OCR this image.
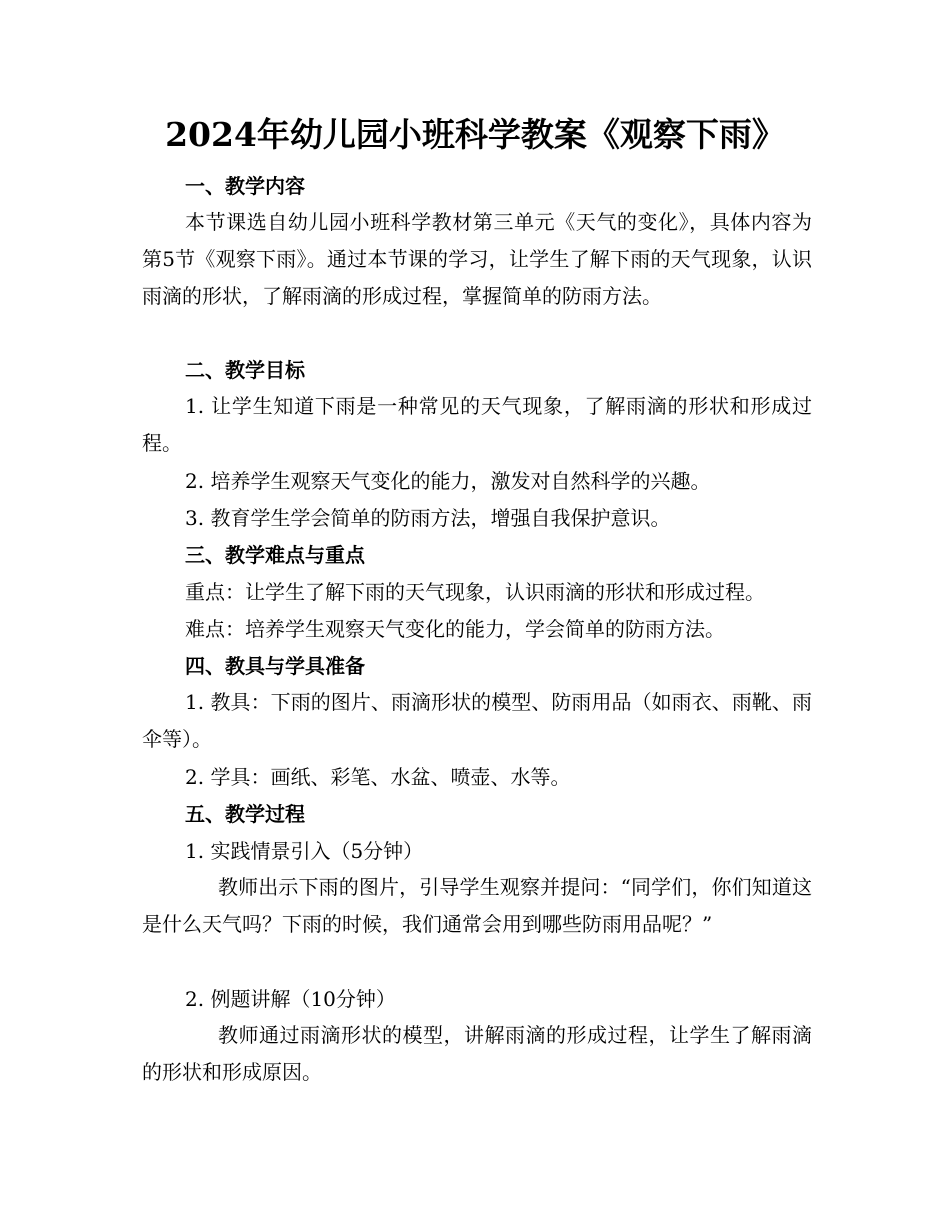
2024年幼儿园小班科学教案《观察下雨》
一、教学内容
本节课选自幼儿园小班科学教材第三单元《天气的变化》，具体内容为第5节《观察下雨》。通过本节课的学习，让学生了解下雨的天气现象，认识雨滴的形状，了解雨滴的形成过程，掌握简单的防雨方法。
二、教学目标
1. 让学生知道下雨是一种常见的天气现象，了解雨滴的形状和形成过程。
2. 培养学生观察天气变化的能力，激发对自然科学的兴趣。
3. 教育学生学会简单的防雨方法，增强自我保护意识。
三、教学难点与重点
重点：让学生了解下雨的天气现象，认识雨滴的形状和形成过程。
难点：培养学生观察天气变化的能力，学会简单的防雨方法。
四、教具与学具准备
1. 教具：下雨的图片、雨滴形状的模型、防雨用品（如雨衣、雨靴、雨伞等）。
2. 学具：画纸、彩笔、水盆、喷壶、水等。
五、教学过程
1. 实践情景引入（5分钟）
教师出示下雨的图片，引导学生观察并提问：“同学们，你们知道这是什么天气吗？下雨的时候，我们通常会用到哪些防雨用品呢？”
2. 例题讲解（10分钟）
教师通过雨滴形状的模型，讲解雨滴的形成过程，让学生了解雨滴的形状和形成原因。
